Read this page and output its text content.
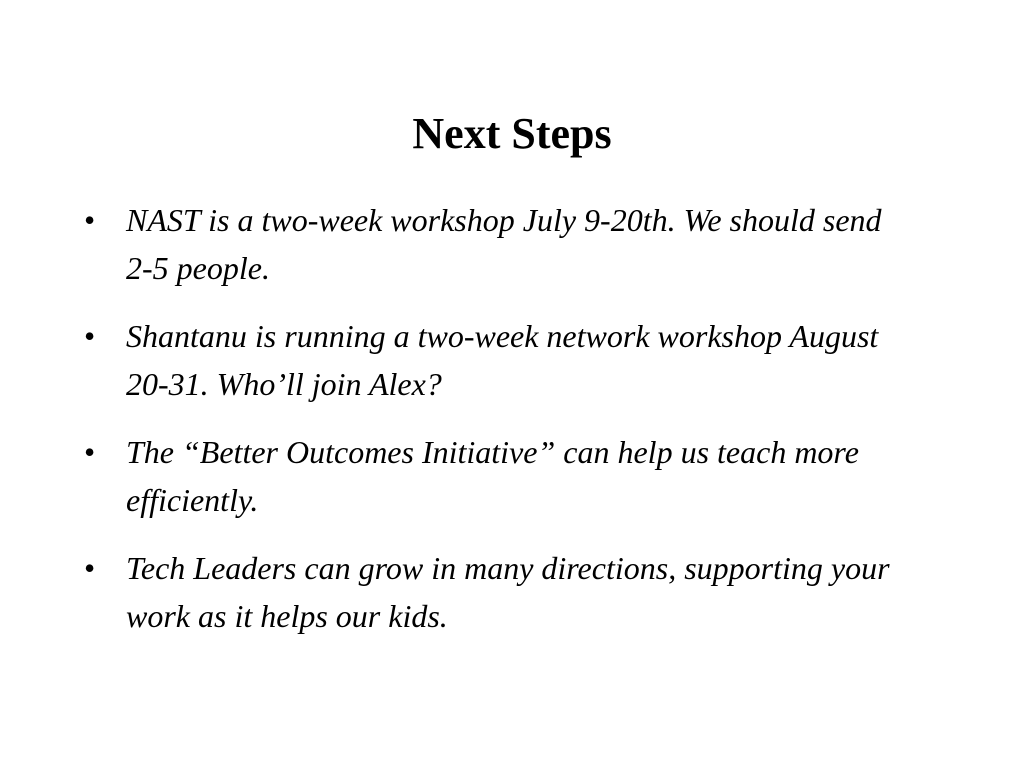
Next Steps
• NAST is a two-week workshop July 9-20th. We should send 2-5 people.
• Shantanu is running a two-week network workshop August 20-31. Who’ll join Alex?
• The “Better Outcomes Initiative” can help us teach more efficiently.
• Tech Leaders can grow in many directions, supporting your work as it helps our kids.
